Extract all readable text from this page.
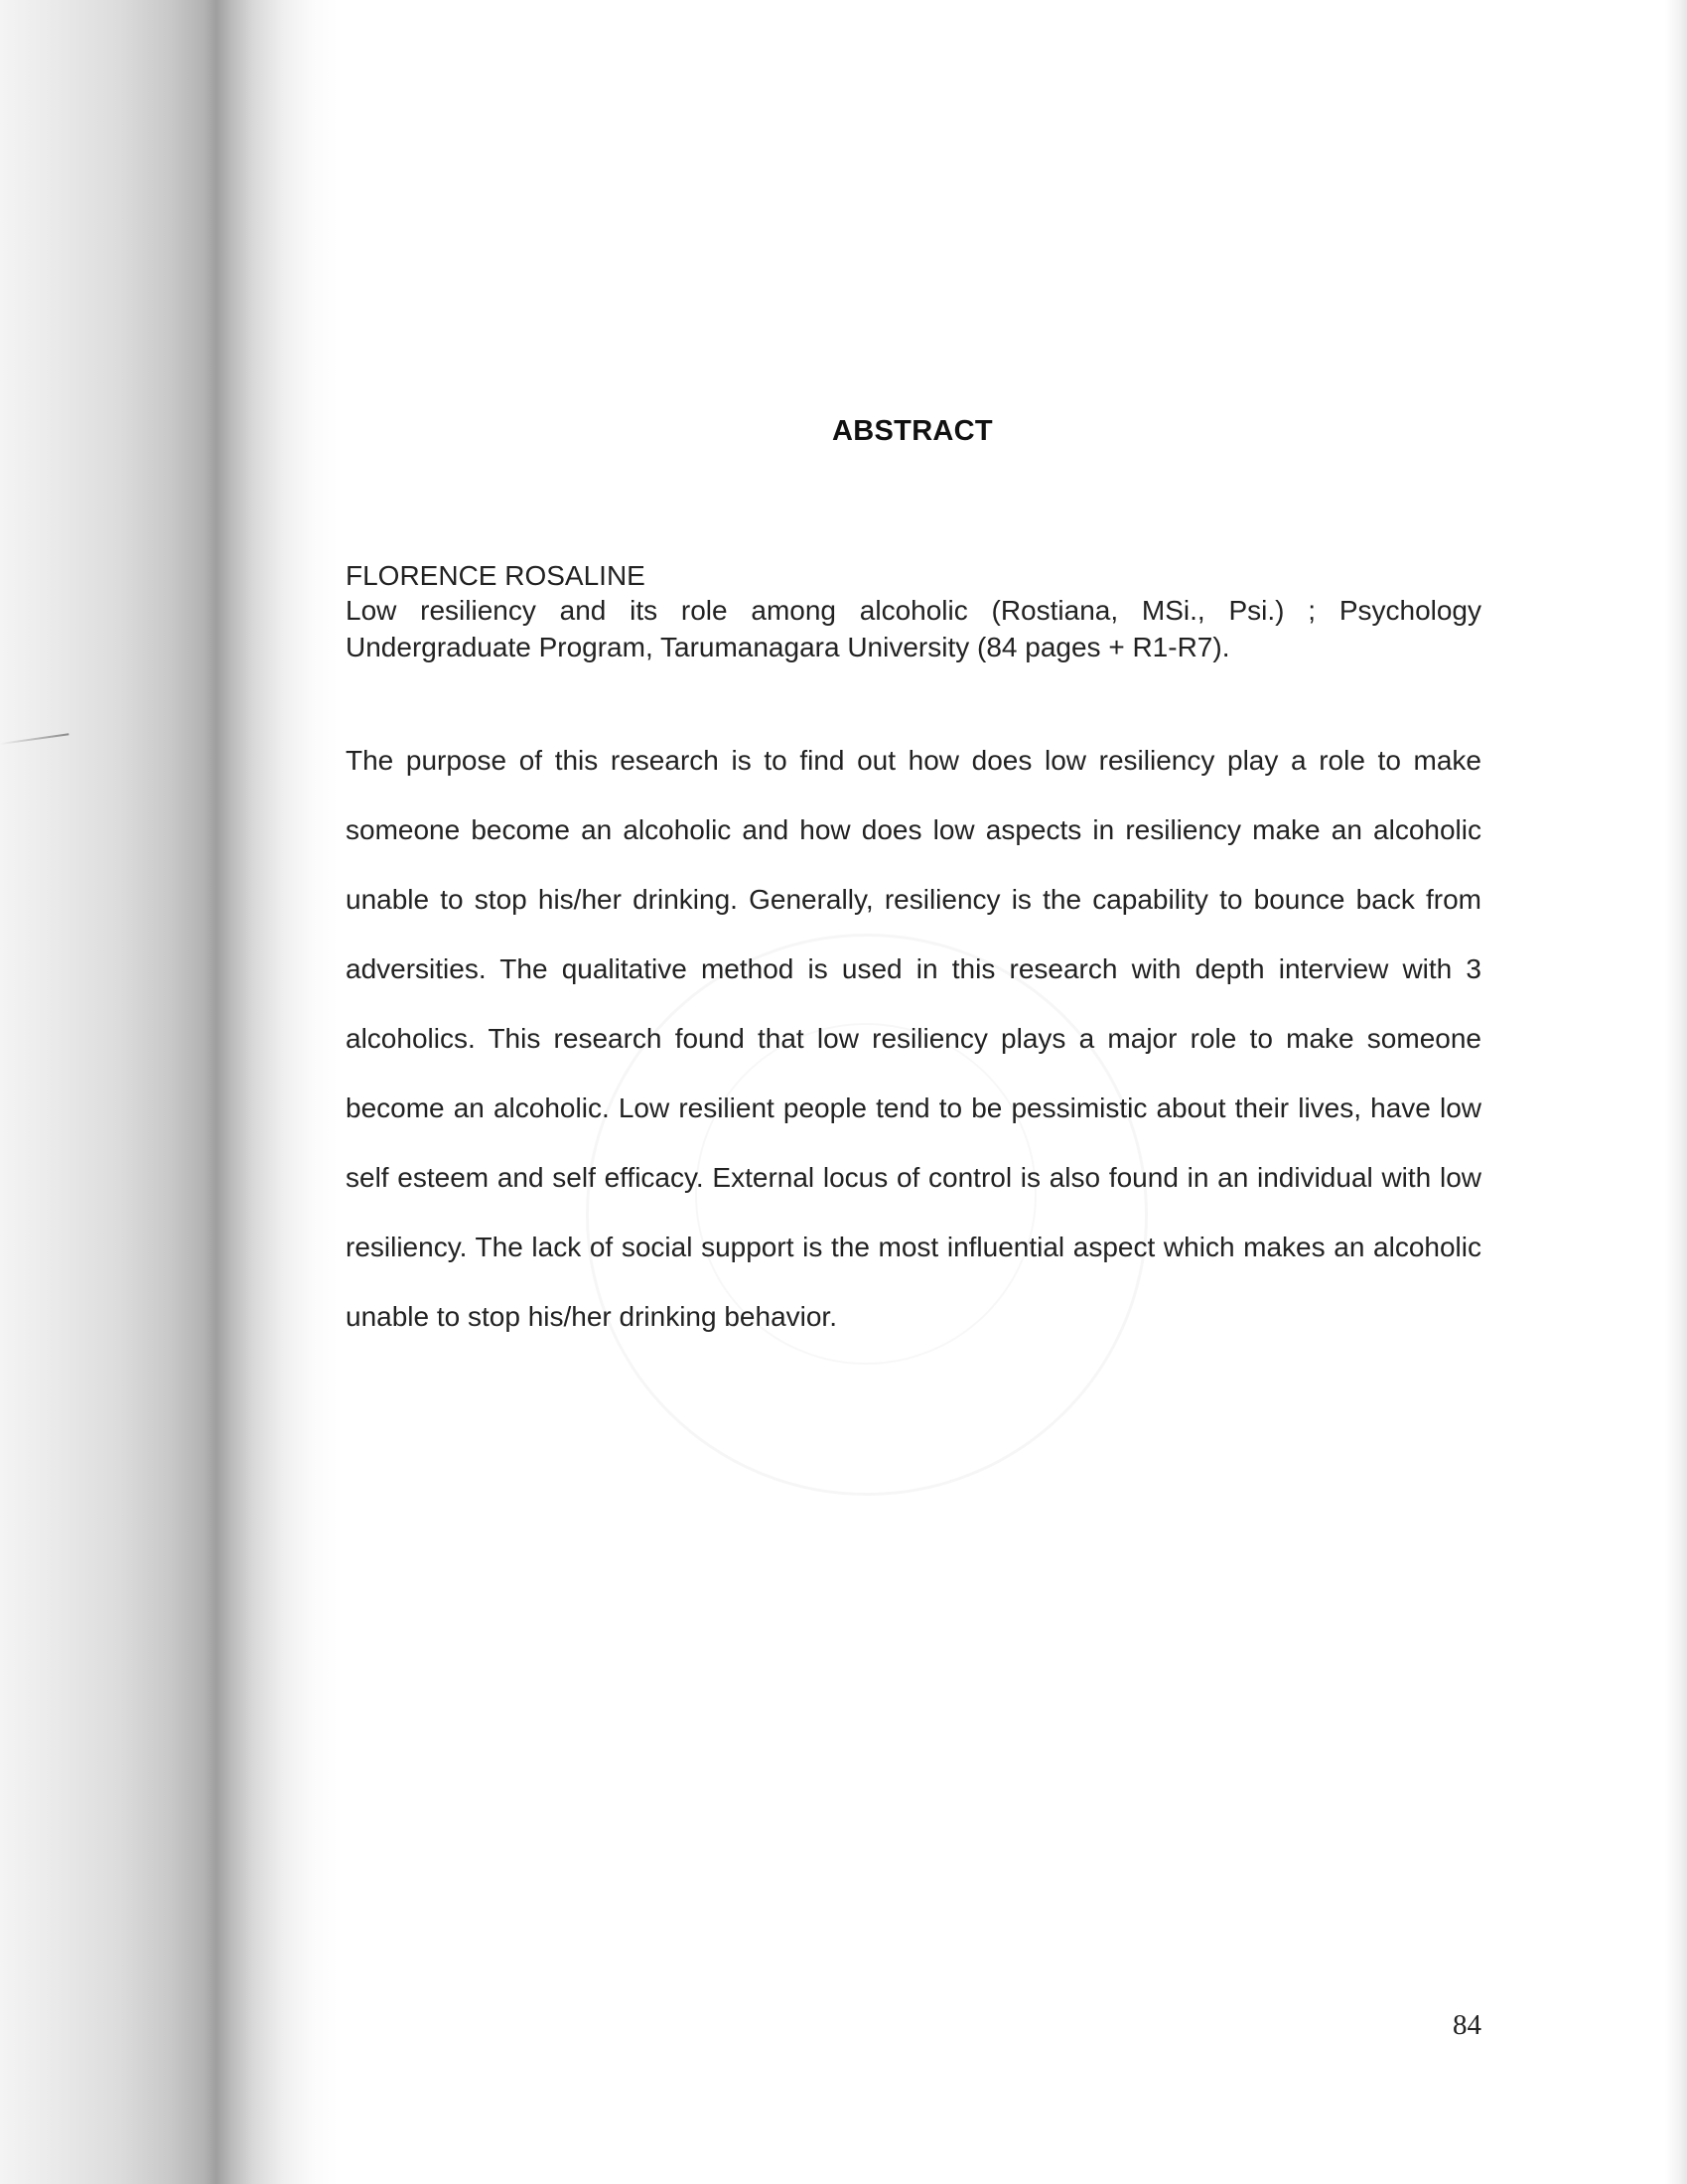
ABSTRACT
FLORENCE ROSALINE
Low resiliency and its role among alcoholic (Rostiana, MSi., Psi.) ; Psychology Undergraduate Program, Tarumanagara University (84 pages + R1-R7).
The purpose of this research is to find out how does low resiliency play a role to make someone become an alcoholic and how does low aspects in resiliency make an alcoholic unable to stop his/her drinking. Generally, resiliency is the capability to bounce back from adversities. The qualitative method is used in this research with depth interview with 3 alcoholics. This research found that low resiliency plays a major role to make someone become an alcoholic. Low resilient people tend to be pessimistic about their lives, have low self esteem and self efficacy. External locus of control is also found in an individual with low resiliency. The lack of social support is the most influential aspect which makes an alcoholic unable to stop his/her drinking behavior.
84
